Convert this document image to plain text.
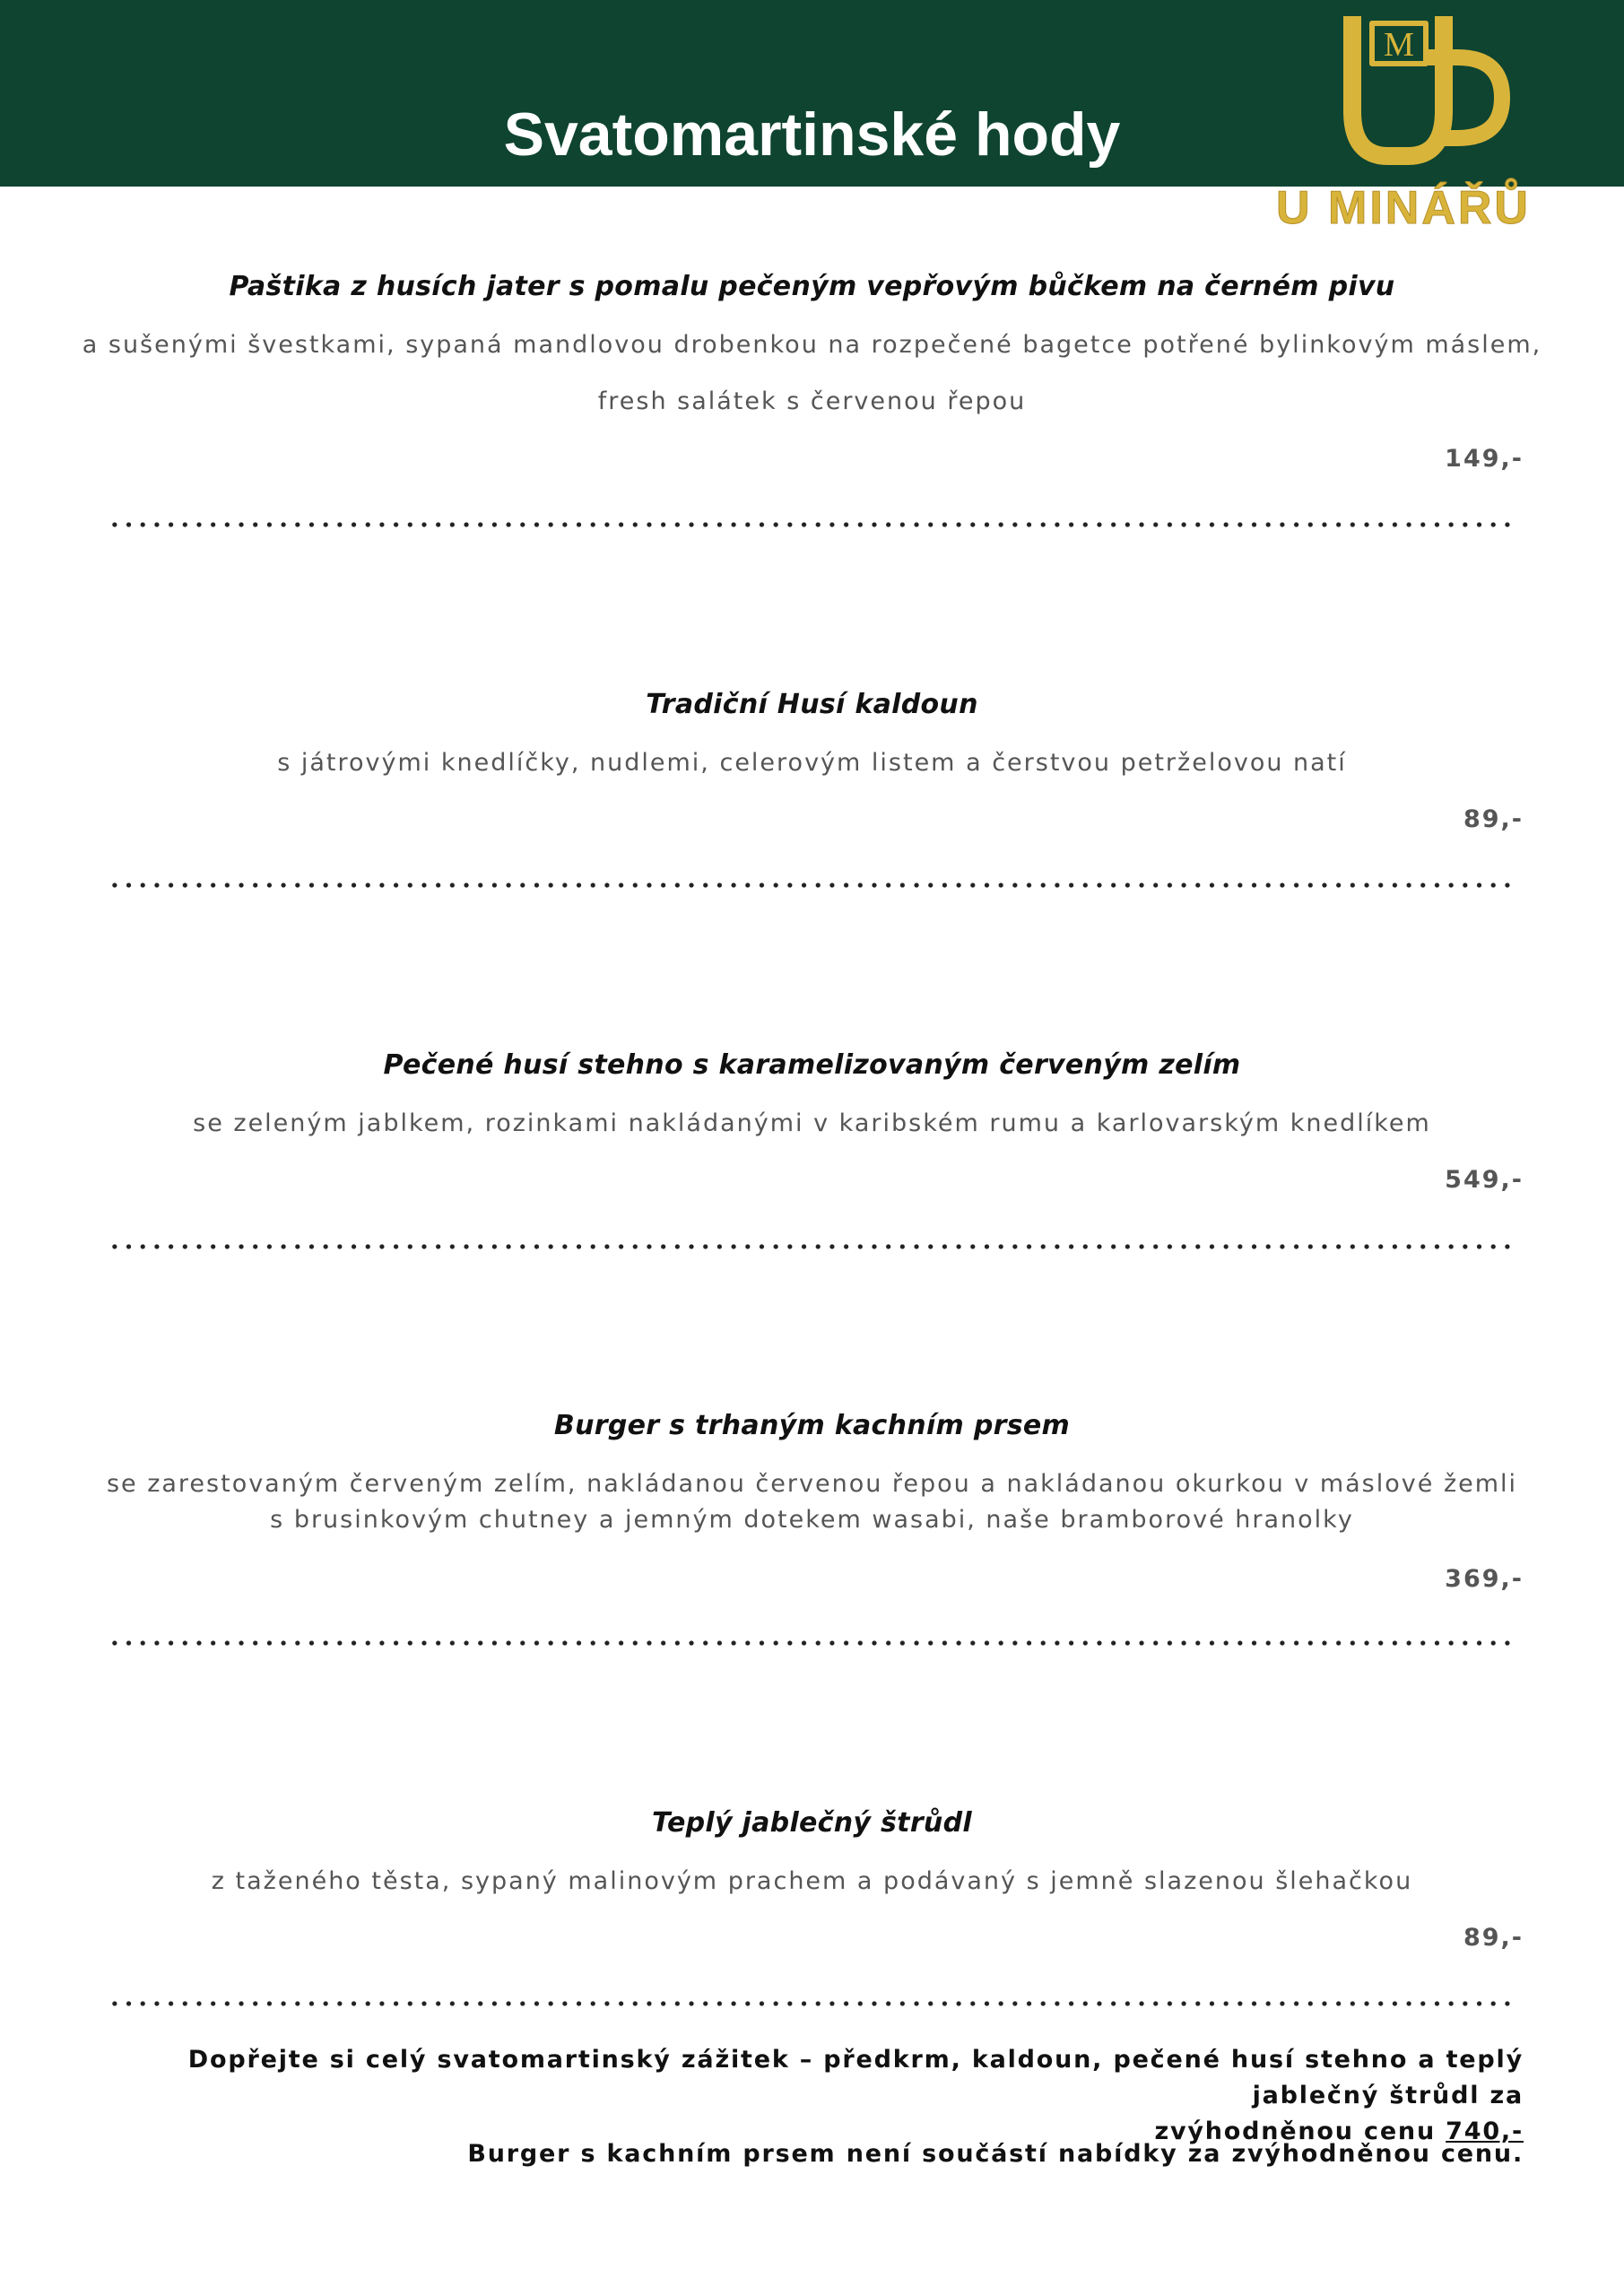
Svatomartinské hody
M
U MINÁŘŮ
Paštika z husích jater s pomalu pečeným vepřovým bůčkem na černém pivu
a sušenými švestkami, sypaná mandlovou drobenkou na rozpečené bagetce potřené bylinkovým máslem,
fresh salátek s červenou řepou
149,-
Tradiční Husí kaldoun
s játrovými knedlíčky, nudlemi, celerovým listem a čerstvou petrželovou natí
89,-
Pečené husí stehno s karamelizovaným červeným zelím
se zeleným jablkem, rozinkami nakládanými v karibském rumu a karlovarským knedlíkem
549,-
Burger s trhaným kachním prsem
se zarestovaným červeným zelím, nakládanou červenou řepou a nakládanou okurkou v máslové žemli
s brusinkovým chutney a jemným dotekem wasabi, naše bramborové hranolky
369,-
Teplý jablečný štrůdl
z taženého těsta, sypaný malinovým prachem a podávaný s jemně slazenou šlehačkou
89,-
Dopřejte si celý svatomartinský zážitek – předkrm, kaldoun, pečené husí stehno a teplý jablečný štrůdl za
zvýhodněnou cenu 740,-
Burger s kachním prsem není součástí nabídky za zvýhodněnou cenu.
